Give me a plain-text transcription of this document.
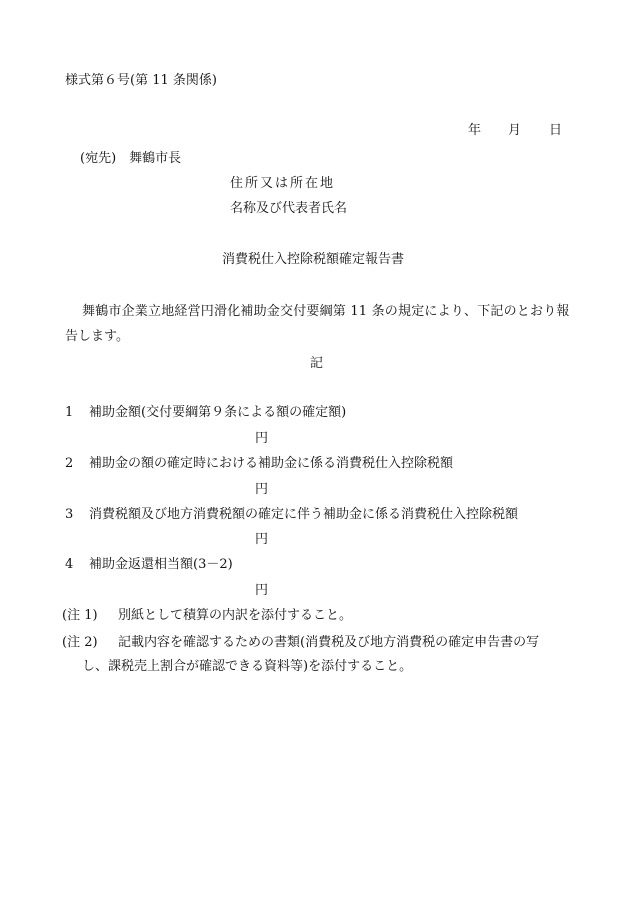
様式第６号(第 11 条関係)
年 月 日
(宛先)　舞鶴市長
住所又は所在地
名称及び代表者氏名
消費税仕入控除税額確定報告書
舞鶴市企業立地経営円滑化補助金交付要綱第 11 条の規定により、下記のとおり報
告します。
記
1 補助金額(交付要綱第９条による額の確定額)
円
2 補助金の額の確定時における補助金に係る消費税仕入控除税額
円
3 消費税額及び地方消費税額の確定に伴う補助金に係る消費税仕入控除税額
円
4 補助金返還相当額(3－2)
円
(注 1) 別紙として積算の内訳を添付すること。
(注 2) 記載内容を確認するための書類(消費税及び地方消費税の確定申告書の写
し、課税売上割合が確認できる資料等)を添付すること。
